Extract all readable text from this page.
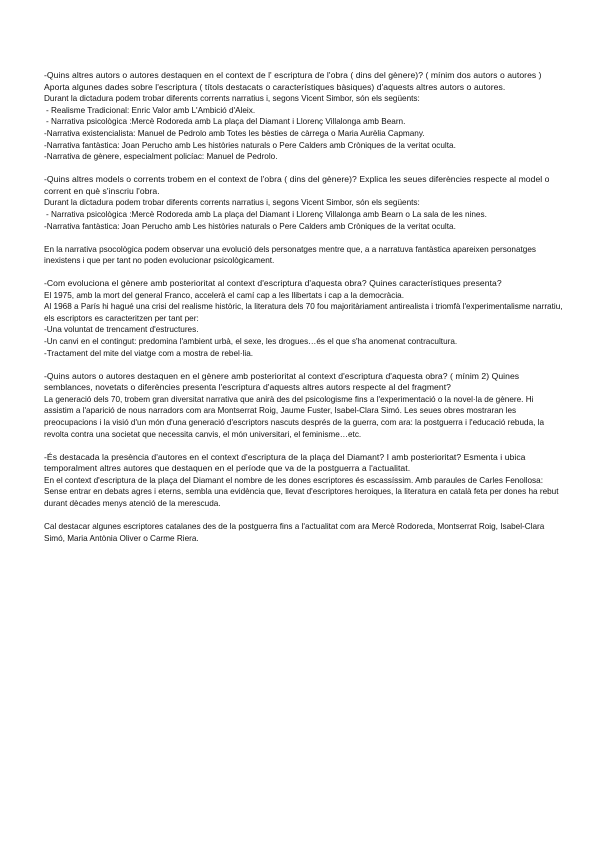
-Quins altres autors o autores destaquen en el context de l' escriptura de l'obra ( dins del gènere)? ( mínim dos autors o autores ) Aporta algunes dades sobre l'escriptura ( títols destacats o característiques bàsiques) d'aquests altres autors o autores.
Durant la dictadura podem trobar diferents corrents narratius i, segons Vicent Simbor, són els següents:
- Realisme Tradicional: Enric Valor amb L'Ambició d'Aleix.
- Narrativa psicològica :Mercè Rodoreda amb La plaça del Diamant i Llorenç Villalonga amb Bearn.
-Narrativa existencialista: Manuel de Pedrolo amb Totes les bèsties de càrrega o Maria Aurèlia Capmany.
-Narrativa fantàstica: Joan Perucho amb Les històries naturals o Pere Calders amb Cròniques de la veritat oculta.
-Narrativa de gènere, especialment policíac: Manuel de Pedrolo.
-Quins altres models o corrents trobem en el context de l'obra ( dins del gènere)? Explica les seues diferències respecte al model o corrent en què s'inscriu l'obra.
Durant la dictadura podem trobar diferents corrents narratius i, segons Vicent Simbor, són els següents:
- Narrativa psicològica :Mercè Rodoreda amb La plaça del Diamant i Llorenç Villalonga amb Bearn o La sala de les nines.
-Narrativa fantàstica: Joan Perucho amb Les històries naturals o Pere Calders amb Cròniques de la veritat oculta.
En la narrativa psocològica podem observar una evolució dels personatges mentre que, a a narratuva fantàstica apareixen personatges inexistens i que per tant no poden evolucionar psicològicament.
-Com evoluciona el gènere amb posterioritat al context d'escriptura d'aquesta obra? Quines característiques presenta?
El 1975, amb la mort del general Franco, accelerà el camí cap a les llibertats i cap a la democràcia.
Al 1968 a París hi hagué una crisi del realisme històric, la literatura dels 70 fou majoritàriament antirealista i triomfà l'experimentalisme narratiu, els escriptors es caracteritzen per tant per:
-Una voluntat de trencament d'estructures.
-Un canvi en el contingut: predomina l'ambient urbà, el sexe, les drogues…és el que s'ha anomenat contracultura.
-Tractament del mite del viatge com a mostra de rebel·lia.
-Quins autors o autores destaquen en el gènere amb posterioritat al context d'escriptura d'aquesta obra? ( mínim 2) Quines semblances, novetats o diferències presenta l'escriptura d'aquests altres autors respecte al del fragment?
La generació dels 70, trobem gran diversitat narrativa que anirà des del psicologisme fins a l'experimentació o la novel·la de gènere. Hi assistim a l'aparició de nous narradors com ara Montserrat Roig, Jaume Fuster, Isabel-Clara Simó. Les seues obres mostraran les preocupacions i la visió d'un món d'una generació d'escriptors nascuts després de la guerra, com ara: la postguerra i l'educació rebuda, la revolta contra una societat que necessita canvis, el món universitari, el feminisme…etc.
-És destacada la presència d'autores en el context d'escriptura de la plaça del Diamant? I amb posterioritat? Esmenta i ubica temporalment altres autores que destaquen en el període que va de la postguerra a l'actualitat.
En el context d'escriptura de la plaça del Diamant el nombre de les dones escriptores és escassíssim. Amb paraules de Carles Fenollosa: Sense entrar en debats agres i eterns, sembla una evidència que, llevat d'escriptores heroiques, la literatura en català feta per dones ha rebut durant dècades menys atenció de la merescuda.
Cal destacar algunes escriptores catalanes des de la postguerra fins a l'actualitat com ara Mercè Rodoreda, Montserrat Roig, Isabel-Clara Simó, Maria Antònia Oliver o Carme Riera.
